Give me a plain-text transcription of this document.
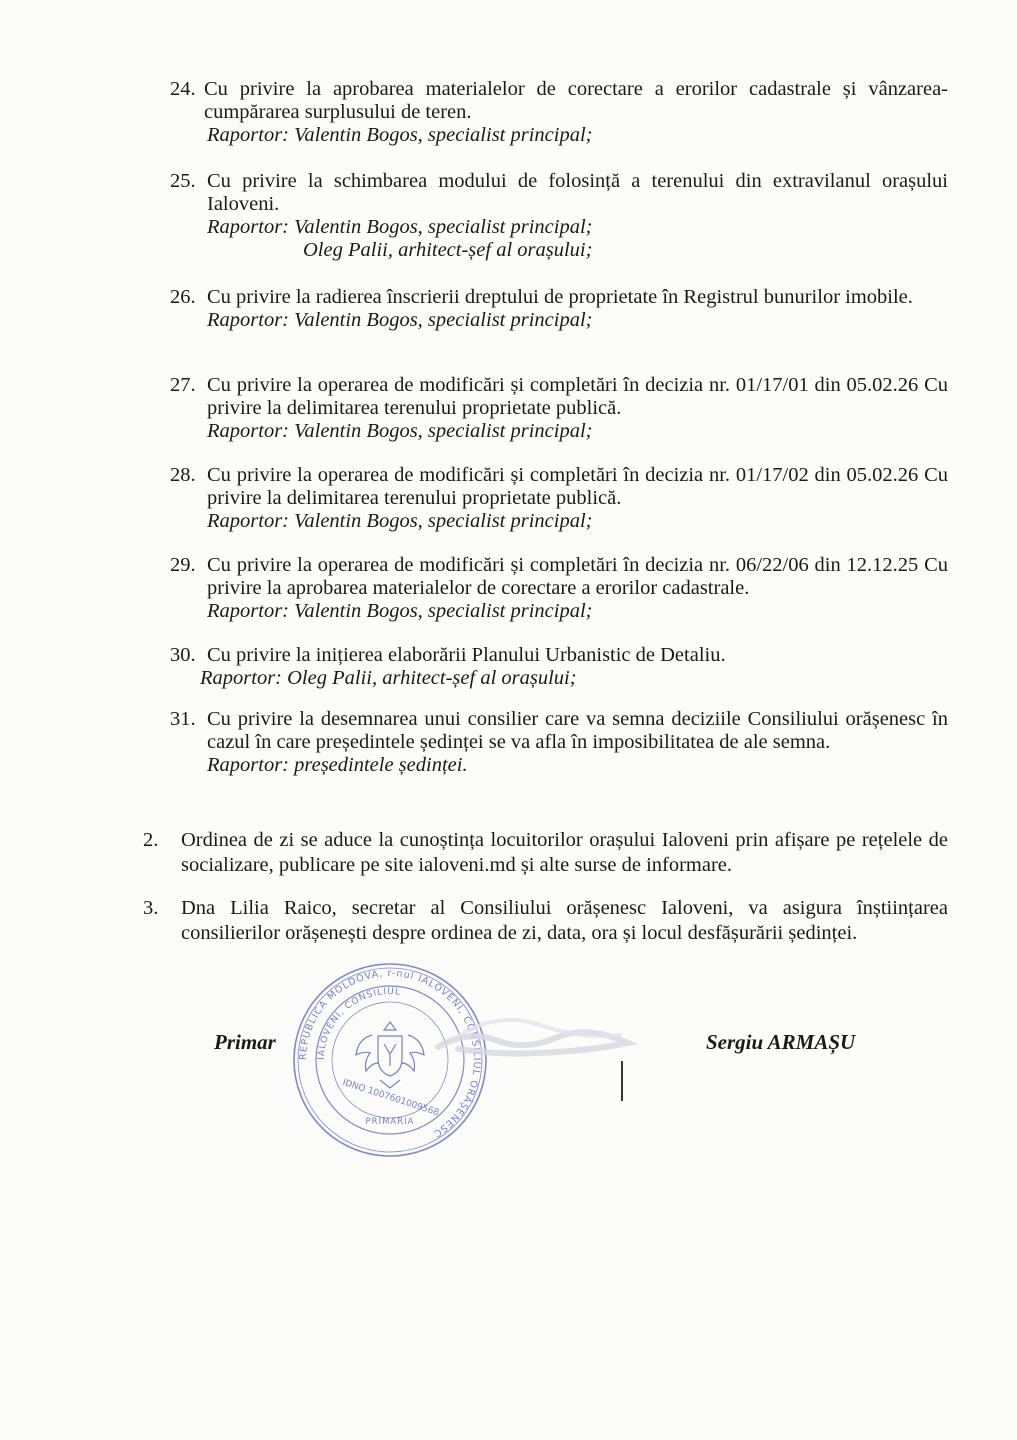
24. Cu privire la aprobarea materialelor de corectare a erorilor cadastrale și vânzarea-cumpărarea surplusului de teren.
Raportor: Valentin Bogos, specialist principal;
25. Cu privire la schimbarea modului de folosință a terenului din extravilanul orașului Ialoveni.
Raportor: Valentin Bogos, specialist principal;
Oleg Palii, arhitect-șef al orașului;
26. Cu privire la radierea înscrierii dreptului de proprietate în Registrul bunurilor imobile.
Raportor: Valentin Bogos, specialist principal;
27. Cu privire la operarea de modificări și completări în decizia nr. 01/17/01 din 05.02.26 Cu privire la delimitarea terenului proprietate publică.
Raportor: Valentin Bogos, specialist principal;
28. Cu privire la operarea de modificări și completări în decizia nr. 01/17/02 din 05.02.26 Cu privire la delimitarea terenului proprietate publică.
Raportor: Valentin Bogos, specialist principal;
29. Cu privire la operarea de modificări și completări în decizia nr. 06/22/06 din 12.12.25 Cu privire la aprobarea materialelor de corectare a erorilor cadastrale.
Raportor: Valentin Bogos, specialist principal;
30. Cu privire la inițierea elaborării Planului Urbanistic de Detaliu.
Raportor: Oleg Palii, arhitect-șef al orașului;
31. Cu privire la desemnarea unui consilier care va semna deciziile Consiliului orășenesc în cazul în care președintele ședinței se va afla în imposibilitatea de ale semna.
Raportor: președintele ședinței.
2. Ordinea de zi se aduce la cunoștința locuitorilor orașului Ialoveni prin afișare pe rețelele de socializare, publicare pe site ialoveni.md și alte surse de informare.
3. Dna Lilia Raico, secretar al Consiliului orășenesc Ialoveni, va asigura înștiințarea consilierilor orășenești despre ordinea de zi, data, ora și locul desfășurării ședinței.
REPUBLICA MOLDOVA, r-nul IALOVENI, CONSILIUL ORĂȘENESC
IALOVENI, CONSILIUL
IDNO 1007601009568
PRIMARIA
Primar	Sergiu ARMAȘU
